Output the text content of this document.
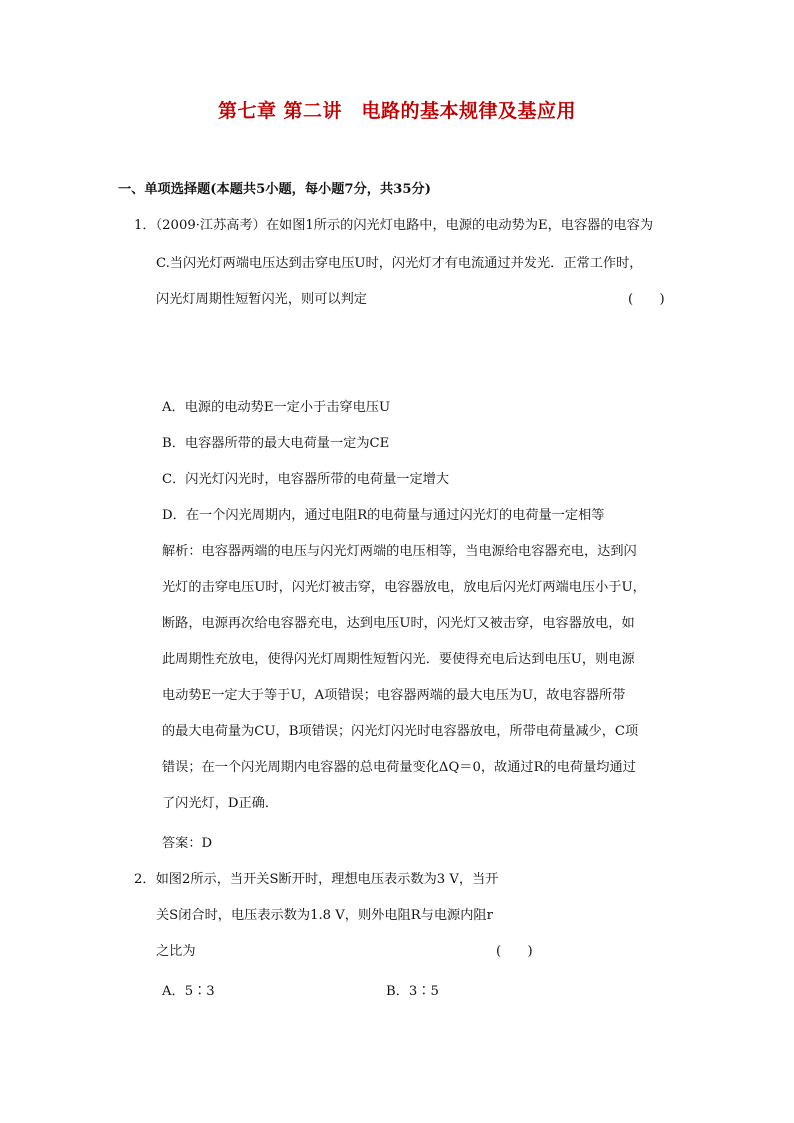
第七章 第二讲　电路的基本规律及基应用
一、单项选择题(本题共5小题，每小题7分，共35分)
1．（2009·江苏高考）在如图1所示的闪光灯电路中，电源的电动势为E，电容器的电容为
C.当闪光灯两端电压达到击穿电压U时，闪光灯才有电流通过并发光．正常工作时，
闪光灯周期性短暂闪光，则可以判定	(　　)
A．电源的电动势E一定小于击穿电压U
B．电容器所带的最大电荷量一定为CE
C．闪光灯闪光时，电容器所带的电荷量一定增大
D．在一个闪光周期内，通过电阻R的电荷量与通过闪光灯的电荷量一定相等
解析：电容器两端的电压与闪光灯两端的电压相等，当电源给电容器充电，达到闪
光灯的击穿电压U时，闪光灯被击穿，电容器放电，放电后闪光灯两端电压小于U，
断路，电源再次给电容器充电，达到电压U时，闪光灯又被击穿，电容器放电，如
此周期性充放电，使得闪光灯周期性短暂闪光．要使得充电后达到电压U，则电源
电动势E一定大于等于U，A项错误；电容器两端的最大电压为U，故电容器所带
的最大电荷量为CU，B项错误；闪光灯闪光时电容器放电，所带电荷量减少，C项
错误；在一个闪光周期内电容器的总电荷量变化ΔQ＝0，故通过R的电荷量均通过
了闪光灯，D正确．
答案：D
2．如图2所示，当开关S断开时，理想电压表示数为3 V，当开
关S闭合时，电压表示数为1.8 V，则外电阻R与电源内阻r
之比为	(　　)
A．5∶3	B．3∶5
